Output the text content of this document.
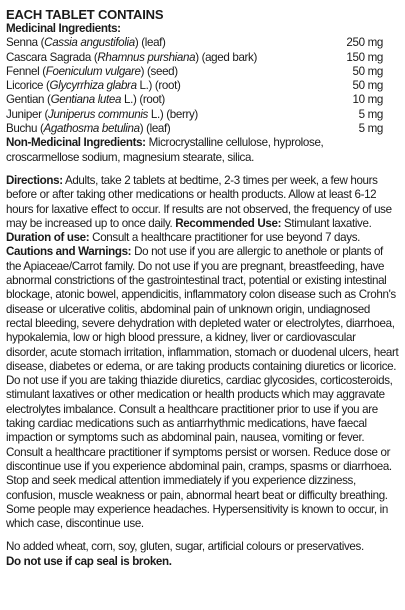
EACH TABLET CONTAINS
Medicinal Ingredients:
Senna (Cassia angustifolia) (leaf)	250 mg
Cascara Sagrada (Rhamnus purshiana) (aged bark)	150 mg
Fennel (Foeniculum vulgare) (seed)	50 mg
Licorice (Glycyrrhiza glabra L.) (root)	50 mg
Gentian (Gentiana lutea L.) (root)	10 mg
Juniper (Juniperus communis L.) (berry)	5 mg
Buchu (Agathosma betulina) (leaf)	5 mg

Non-Medicinal Ingredients: Microcrystalline cellulose, hyprolose, croscarmellose sodium, magnesium stearate, silica.

Directions: Adults, take 2 tablets at bedtime, 2-3 times per week, a few hours before or after taking other medications or health products. Allow at least 6-12 hours for laxative effect to occur. If results are not observed, the frequency of use may be increased up to once daily. Recommended Use: Stimulant laxative.

Duration of use: Consult a healthcare practitioner for use beyond 7 days.

Cautions and Warnings: Do not use if you are allergic to anethole or plants of the Apiaceae/Carrot family. Do not use if you are pregnant, breastfeeding, have abnormal constrictions of the gastrointestinal tract, potential or existing intestinal blockage, atonic bowel, appendicitis, inflammatory colon disease such as Crohn's disease or ulcerative colitis, abdominal pain of unknown origin, undiagnosed rectal bleeding, severe dehydration with depleted water or electrolytes, diarrhoea, hypokalemia, low or high blood pressure, a kidney, liver or cardiovascular disorder, acute stomach irritation, inflammation, stomach or duodenal ulcers, heart disease, diabetes or edema, or are taking products containing diuretics or licorice. Do not use if you are taking thiazide diuretics, cardiac glycosides, corticosteroids, stimulant laxatives or other medication or health products which may aggravate electrolytes imbalance. Consult a healthcare practitioner prior to use if you are taking cardiac medications such as antiarrhythmic medications, have faecal impaction or symptoms such as abdominal pain, nausea, vomiting or fever. Consult a healthcare practitioner if symptoms persist or worsen. Reduce dose or discontinue use if you experience abdominal pain, cramps, spasms or diarrhoea. Stop and seek medical attention immediately if you experience dizziness, confusion, muscle weakness or pain, abnormal heart beat or difficulty breathing. Some people may experience headaches. Hypersensitivity is known to occur, in which case, discontinue use.

No added wheat, corn, soy, gluten, sugar, artificial colours or preservatives.

Do not use if cap seal is broken.
